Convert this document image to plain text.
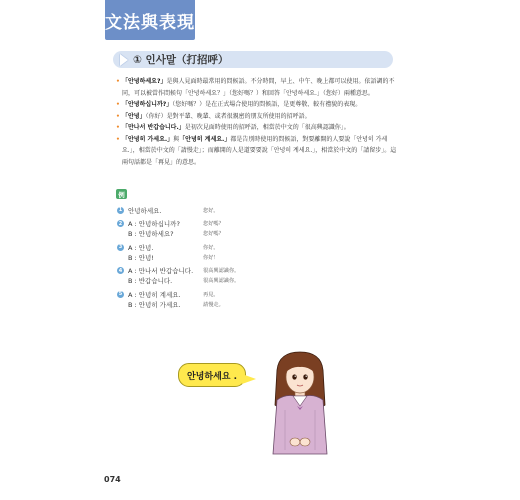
文法與表現
① 인사말（打招呼）
• 「안녕하세요?」是與人見面時最常用的問候語。不分時間，早上、中午、晚上都可以使用。依語調的不同，可以被當作問候句「안녕하세요？」（您好嗎？）和回答「안녕하세요.」（您好）兩種意思。
• 「안녕하십니까?」（您好嗎？）是在正式場合使用的問候語，是更尊敬、較有禮貌的表現。
• 「안녕」（你好）是對平輩、晚輩、或者很親密的朋友所使用的招呼語。
• 「만나서 반갑습니다.」是初次見面時使用的招呼語，相當於中文的「很高興認識你」。
• 「안녕히 가세요.」與「안녕히 계세요.」都是告別時使用的問候語，對要離開的人要說「안녕히 가세요.」，相當於中文的「請慢走」；而離開的人是道要要說「안녕히 계세요.」，相當於中文的「請留步」。這兩句話都是「再見」的意思。
例
1 안녕하세요.	您好。
2 A : 안녕하십니까?	您好嗎？
B : 안녕하세요?	您好嗎？
3 A : 안녕.	你好。
B : 안녕!	你好！
4 A : 만나서 반갑습니다.	很高興認識你。
B : 반갑습니다.	很高興認識你。
5 A : 안녕히 계세요.	再見。
B : 안녕히 가세요.	請慢走。
안녕하세요 .
074
